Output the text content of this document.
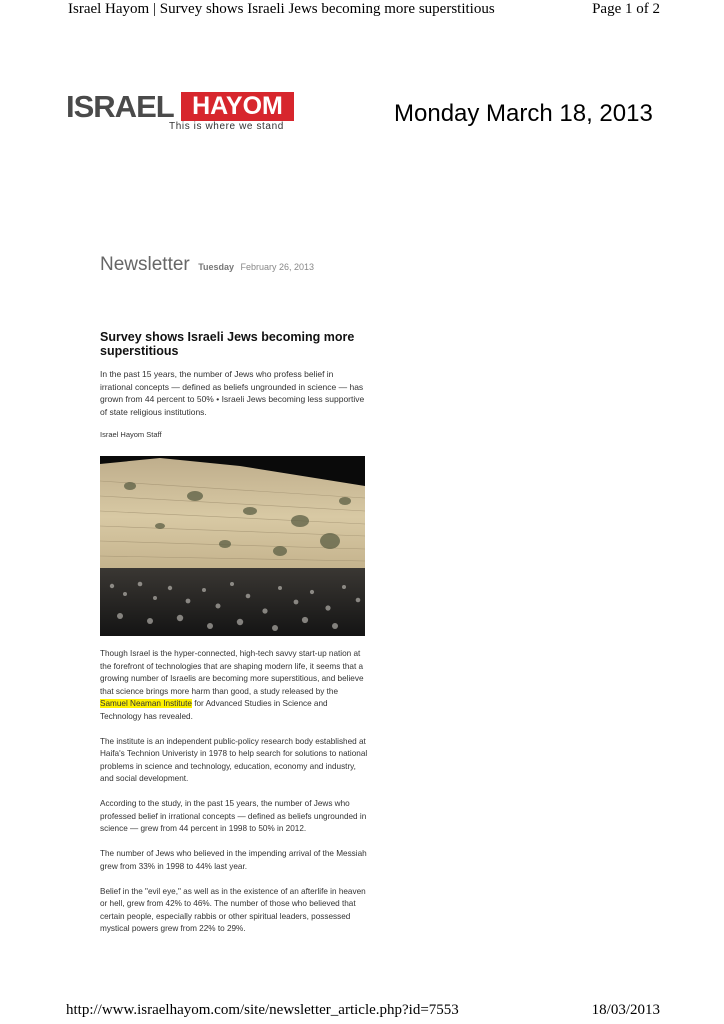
Israel Hayom | Survey shows Israeli Jews becoming more superstitious	Page 1 of 2
ISRAEL HAYOM
This is where we stand	Monday March 18, 2013
Newsletter Tuesday February 26, 2013
Survey shows Israeli Jews becoming more superstitious
In the past 15 years, the number of Jews who profess belief in irrational concepts — defined as beliefs ungrounded in science — has grown from 44 percent to 50% • Israeli Jews becoming less supportive of state religious institutions.
Israel Hayom Staff

Though Israel is the hyper-connected, high-tech savvy start-up nation at the forefront of technologies that are shaping modern life, it seems that a growing number of Israelis are becoming more superstitious, and believe that science brings more harm than good, a study released by the Samuel Neaman Institute for Advanced Studies in Science and Technology has revealed.

The institute is an independent public-policy research body established at Haifa's Technion Univeristy in 1978 to help search for solutions to national problems in science and technology, education, economy and industry, and social development.

According to the study, in the past 15 years, the number of Jews who professed belief in irrational concepts — defined as beliefs ungrounded in science — grew from 44 percent in 1998 to 50% in 2012.

The number of Jews who believed in the impending arrival of the Messiah grew from 33% in 1998 to 44% last year.

Belief in the "evil eye," as well as in the existence of an afterlife in heaven or hell, grew from 42% to 46%. The number of those who believed that certain people, especially rabbis or other spiritual leaders, possessed mystical powers grew from 22% to 29%.

http://www.israelhayom.com/site/newsletter_article.php?id=7553	18/03/2013
